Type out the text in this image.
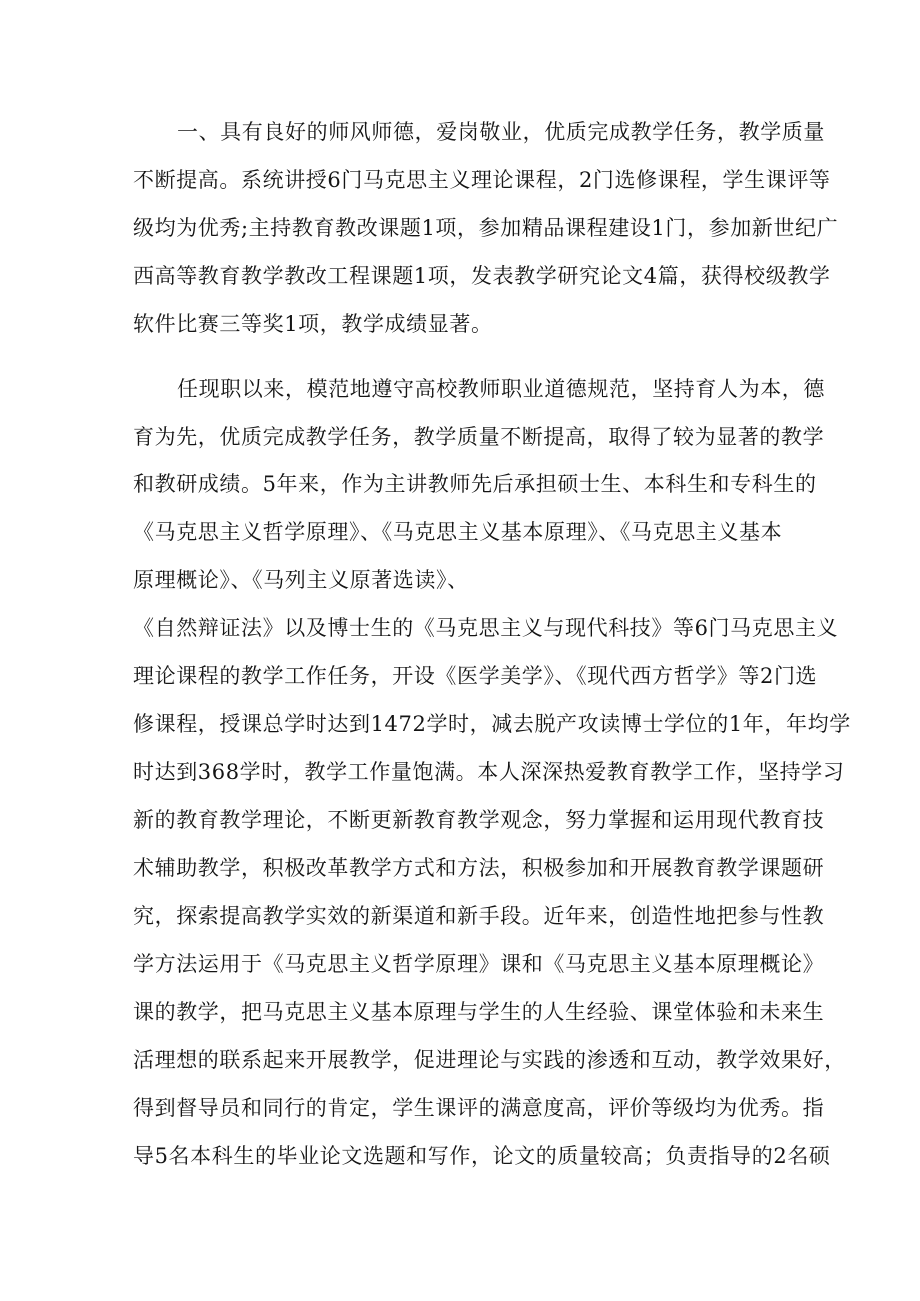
一、具有良好的师风师德，爱岗敬业，优质完成教学任务，教学质量
不断提高。系统讲授6门马克思主义理论课程，2门选修课程，学生课评等
级均为优秀;主持教育教改课题1项，参加精品课程建设1门，参加新世纪广
西高等教育教学教改工程课题1项，发表教学研究论文4篇，获得校级教学
软件比赛三等奖1项，教学成绩显著。
任现职以来，模范地遵守高校教师职业道德规范，坚持育人为本，德
育为先，优质完成教学任务，教学质量不断提高，取得了较为显著的教学
和教研成绩。5年来，作为主讲教师先后承担硕士生、本科生和专科生的
《马克思主义哲学原理》、《马克思主义基本原理》、《马克思主义基本
原理概论》、《马列主义原著选读》、
《自然辩证法》以及博士生的《马克思主义与现代科技》等6门马克思主义
理论课程的教学工作任务，开设《医学美学》、《现代西方哲学》等2门选
修课程，授课总学时达到1472学时，减去脱产攻读博士学位的1年，年均学
时达到368学时，教学工作量饱满。本人深深热爱教育教学工作，坚持学习
新的教育教学理论，不断更新教育教学观念，努力掌握和运用现代教育技
术辅助教学，积极改革教学方式和方法，积极参加和开展教育教学课题研
究，探索提高教学实效的新渠道和新手段。近年来，创造性地把参与性教
学方法运用于《马克思主义哲学原理》课和《马克思主义基本原理概论》
课的教学，把马克思主义基本原理与学生的人生经验、课堂体验和未来生
活理想的联系起来开展教学，促进理论与实践的渗透和互动，教学效果好，
得到督导员和同行的肯定，学生课评的满意度高，评价等级均为优秀。指
导5名本科生的毕业论文选题和写作，论文的质量较高；负责指导的2名硕
